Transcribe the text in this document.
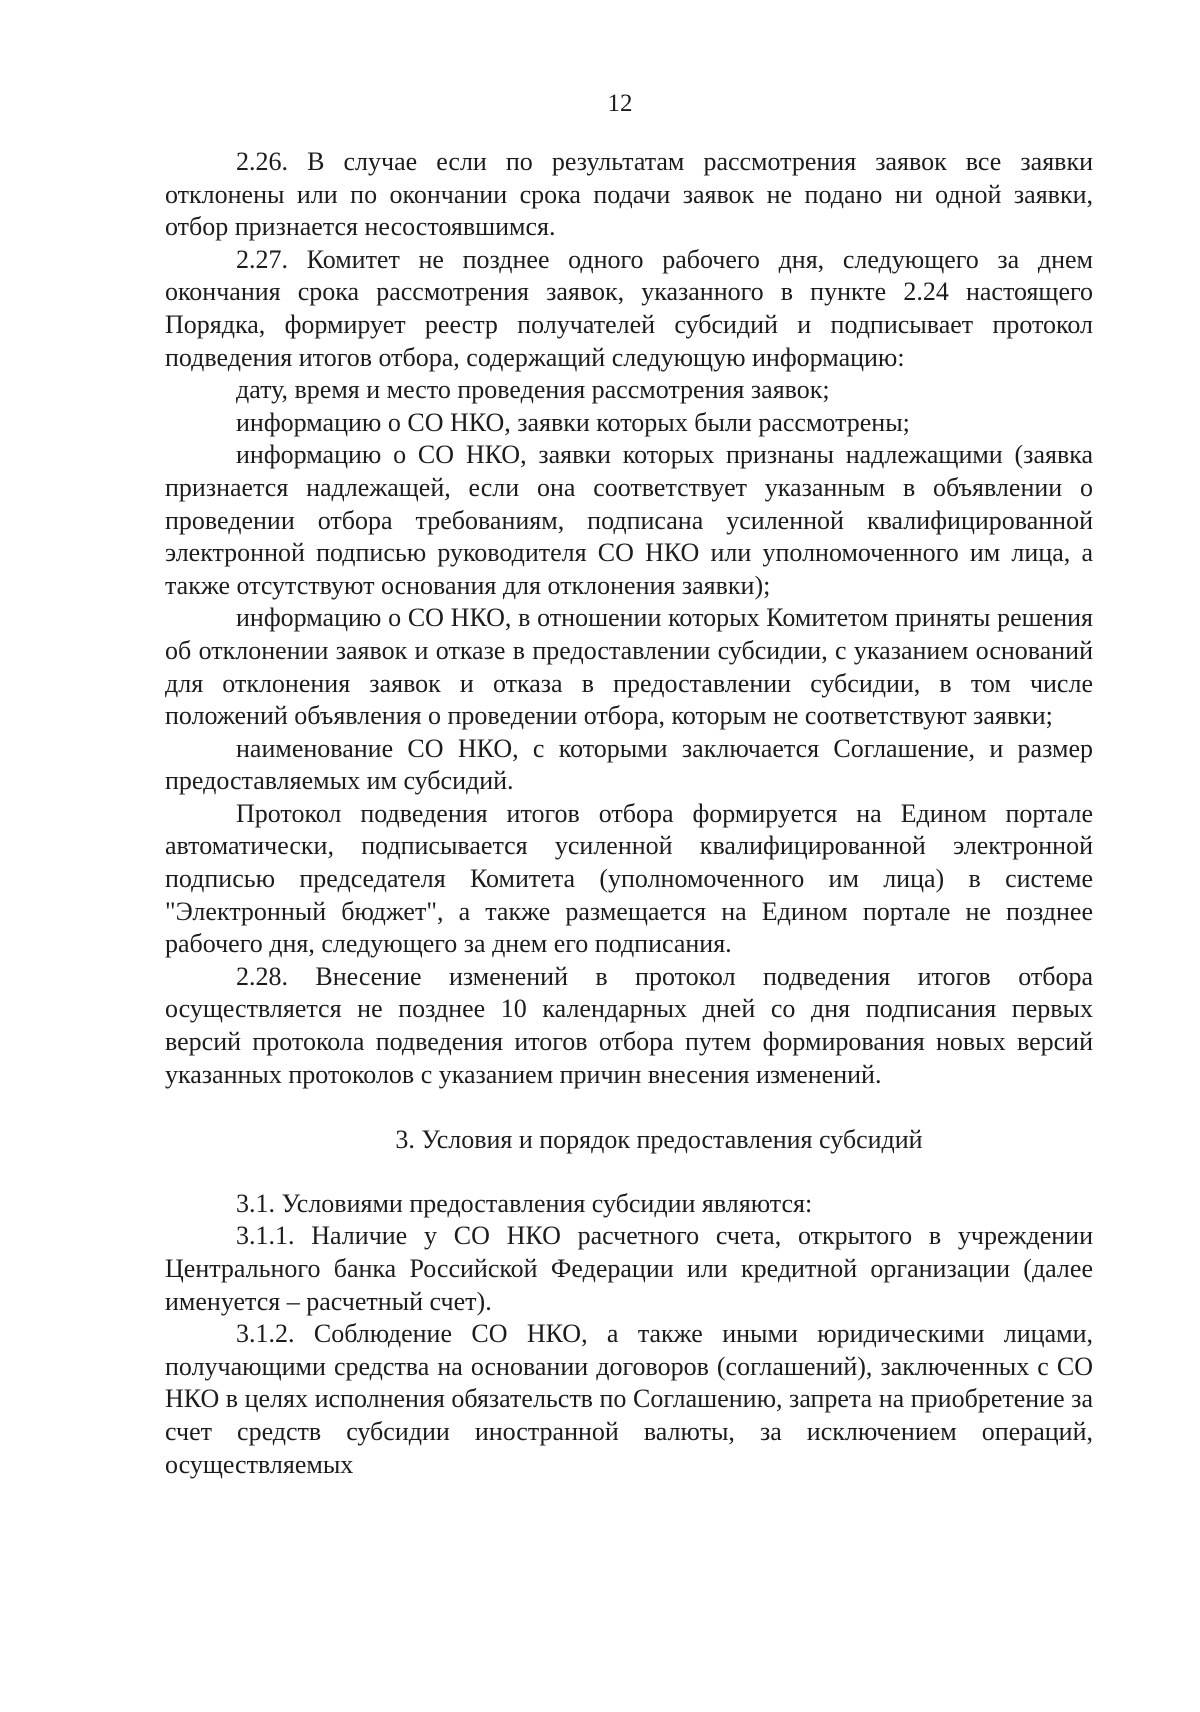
12

2.26. В случае если по результатам рассмотрения заявок все заявки отклонены или по окончании срока подачи заявок не подано ни одной заявки, отбор признается несостоявшимся.

2.27. Комитет не позднее одного рабочего дня, следующего за днем окончания срока рассмотрения заявок, указанного в пункте 2.24 настоящего Порядка, формирует реестр получателей субсидий и подписывает протокол подведения итогов отбора, содержащий следующую информацию:

дату, время и место проведения рассмотрения заявок;

информацию о СО НКО, заявки которых были рассмотрены;

информацию о СО НКО, заявки которых признаны надлежащими (заявка признается надлежащей, если она соответствует указанным в объявлении о проведении отбора требованиям, подписана усиленной квалифицированной электронной подписью руководителя СО НКО или уполномоченного им лица, а также отсутствуют основания для отклонения заявки);

информацию о СО НКО, в отношении которых Комитетом приняты решения об отклонении заявок и отказе в предоставлении субсидии, с указанием оснований для отклонения заявок и отказа в предоставлении субсидии, в том числе положений объявления о проведении отбора, которым не соответствуют заявки;

наименование СО НКО, с которыми заключается Соглашение, и размер предоставляемых им субсидий.

Протокол подведения итогов отбора формируется на Едином портале автоматически, подписывается усиленной квалифицированной электронной подписью председателя Комитета (уполномоченного им лица) в системе "Электронный бюджет", а также размещается на Едином портале не позднее рабочего дня, следующего за днем его подписания.

2.28. Внесение изменений в протокол подведения итогов отбора осуществляется не позднее 10 календарных дней со дня подписания первых версий протокола подведения итогов отбора путем формирования новых версий указанных протоколов с указанием причин внесения изменений.

3. Условия и порядок предоставления субсидий

3.1. Условиями предоставления субсидии являются:

3.1.1. Наличие у СО НКО расчетного счета, открытого в учреждении Центрального банка Российской Федерации или кредитной организации (далее именуется – расчетный счет).

3.1.2. Соблюдение СО НКО, а также иными юридическими лицами, получающими средства на основании договоров (соглашений), заключенных с СО НКО в целях исполнения обязательств по Соглашению, запрета на приобретение за счет средств субсидии иностранной валюты, за исключением операций, осуществляемых
